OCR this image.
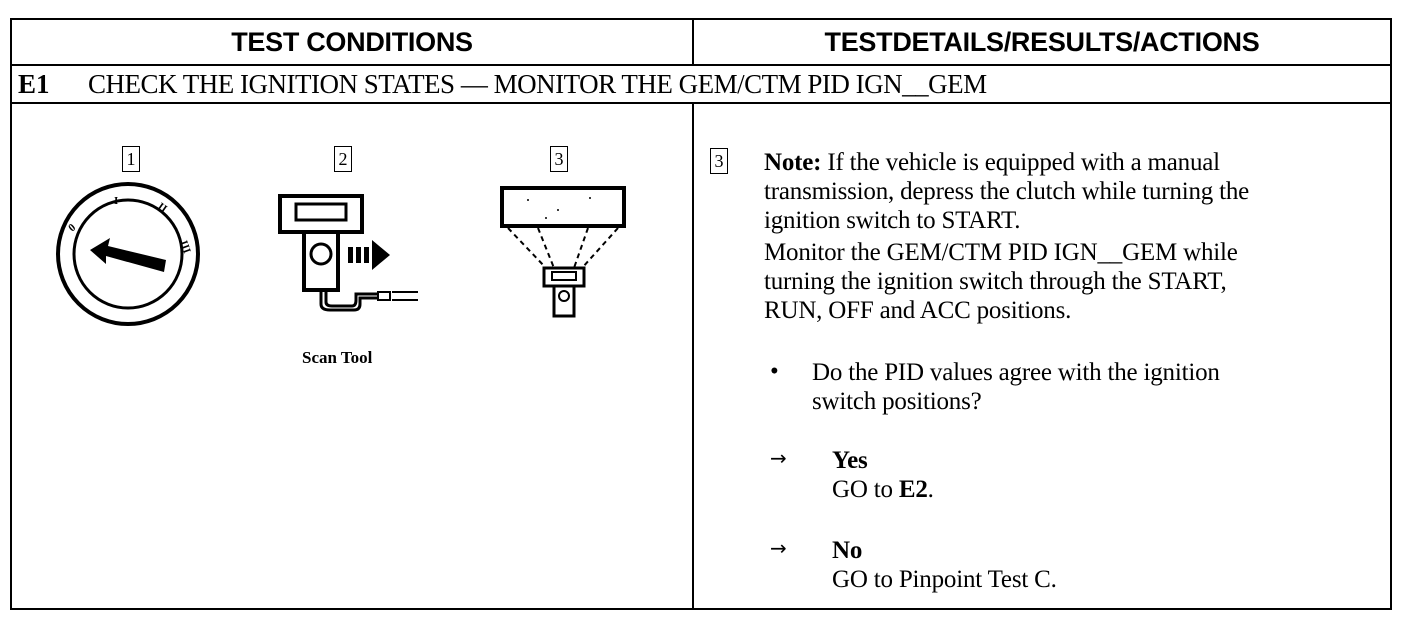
TEST CONDITIONS	TESTDETAILS/RESULTS/ACTIONS
E1 CHECK THE IGNITION STATES — MONITOR THE GEM/CTM PID IGN__GEM
1	2	3
0
I	II
III
Scan Tool
3 Note: If the vehicle is equipped with a manual
transmission, depress the clutch while turning the
ignition switch to START.
Monitor the GEM/CTM PID IGN__GEM while
turning the ignition switch through the START,
RUN, OFF and ACC positions.
• Do the PID values agree with the ignition
switch positions?
→ Yes
GO to E2.
→ No
GO to Pinpoint Test C.
